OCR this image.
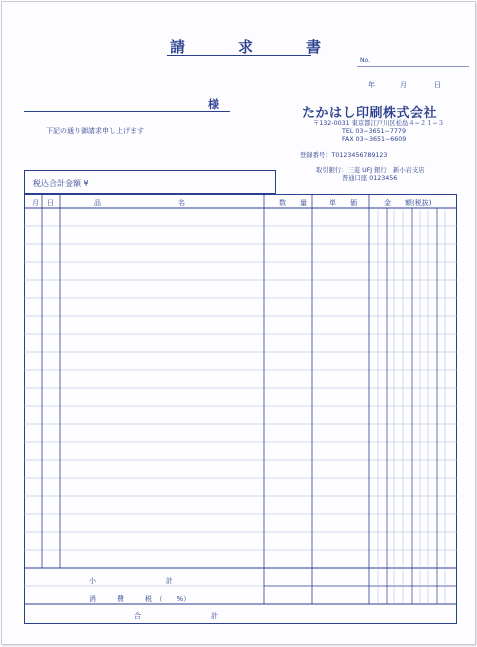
請　求　書
No.
年	月	日
様
下記の通り御請求申し上げます
たかはし印刷株式会社
〒132-0031 東京都江戸川区松島４−２１−３
TEL 03−3651−7779
FAX 03−3651−6609
登録番号：T0123456789123
取引銀行：三菱 UFJ 銀行　新小岩支店
普通口座 0123456
税込合計金額 ¥
月 日	品　　　　　　　　　　　名	数　　量	単　　価	金　　額(税抜)
小　　　　　　　　　　計
消　　　費　　　税　（　　%）
合　　　　　　　　　　計
